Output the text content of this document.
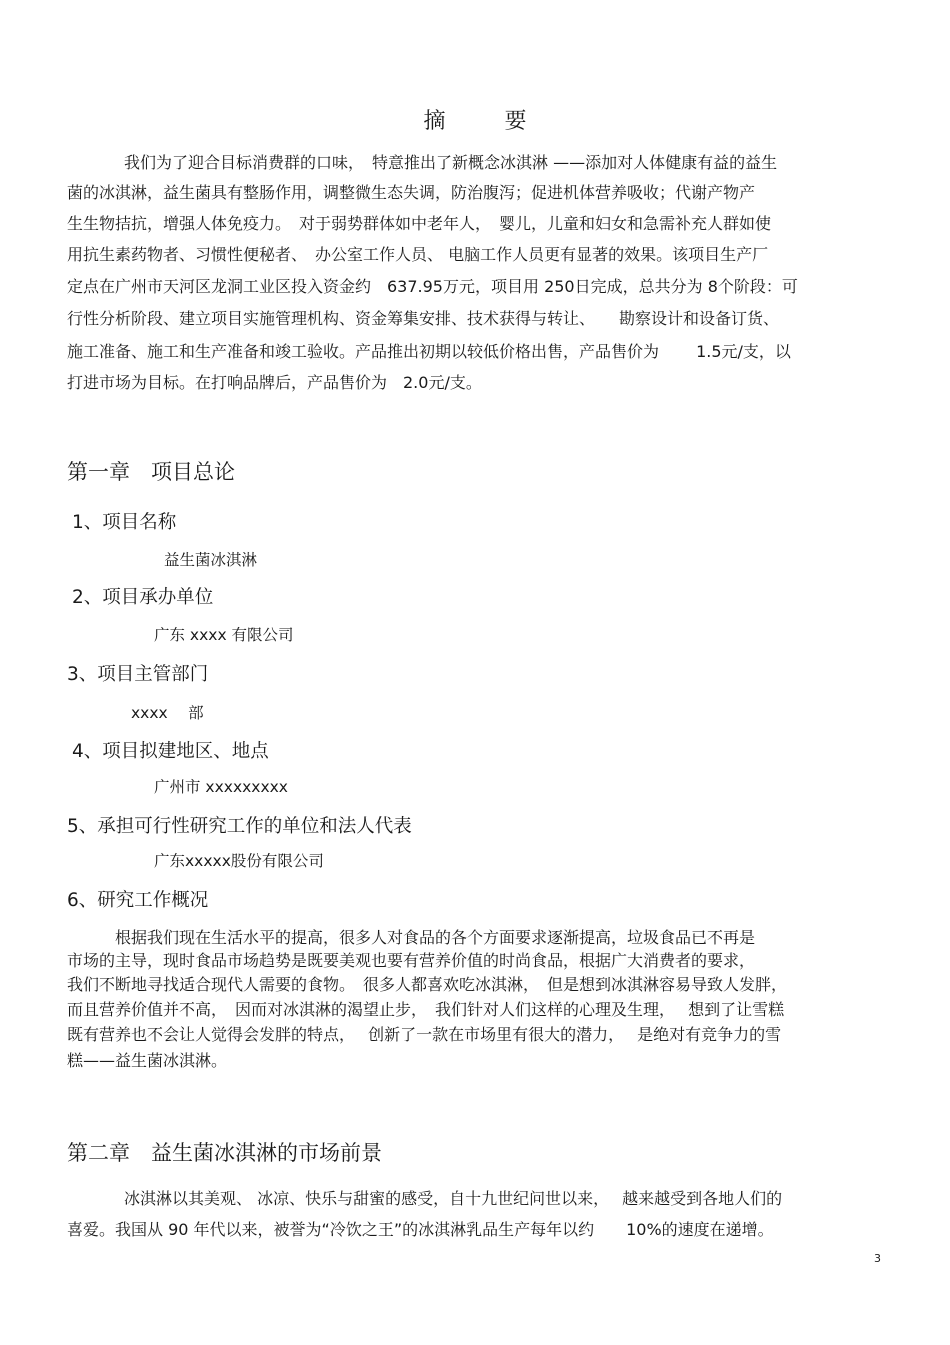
摘 要
我们为了迎合目标消费群的口味，　特意推出了新概念冰淇淋 ——添加对人体健康有益的益生
菌的冰淇淋，益生菌具有整肠作用，调整微生态失调，防治腹泻；促进机体营养吸收；代谢产物产
生生物拮抗，增强人体免疫力。　对于弱势群体如中老年人，　婴儿，儿童和妇女和急需补充人群如使
用抗生素药物者、习惯性便秘者、　办公室工作人员、 电脑工作人员更有显著的效果。该项目生产厂
定点在广州市天河区龙洞工业区投入资金约　637.95万元，项目用 250日完成，总共分为 8个阶段：可
行性分析阶段、建立项目实施管理机构、资金筹集安排、技术获得与转让、　　勘察设计和设备订货、
施工准备、施工和生产准备和竣工验收。产品推出初期以较低价格出售，产品售价为　　 1.5元/支，以
打进市场为目标。在打响品牌后，产品售价为　2.0元/支。
第一章　项目总论
1、项目名称
益生菌冰淇淋
2、项目承办单位
广东 xxxx 有限公司
3、项目主管部门
xxxx　 部
4、项目拟建地区、地点
广州市 xxxxxxxxx
5、承担可行性研究工作的单位和法人代表
广东xxxxx股份有限公司
6、研究工作概况
根据我们现在生活水平的提高，很多人对食品的各个方面要求逐渐提高，垃圾食品已不再是
市场的主导，现时食品市场趋势是既要美观也要有营养价值的时尚食品，根据广大消费者的要求，
我们不断地寻找适合现代人需要的食物。　很多人都喜欢吃冰淇淋，　但是想到冰淇淋容易导致人发胖，
而且营养价值并不高，　因而对冰淇淋的渴望止步，　我们针对人们这样的心理及生理，　 想到了让雪糕
既有营养也不会让人觉得会发胖的特点，　 创新了一款在市场里有很大的潜力，　 是绝对有竞争力的雪
糕——益生菌冰淇淋。
第二章　益生菌冰淇淋的市场前景
冰淇淋以其美观、 冰凉、快乐与甜蜜的感受，自十九世纪问世以来，　 越来越受到各地人们的
喜爱。我国从 90 年代以来，被誉为“冷饮之王”的冰淇淋乳品生产每年以约　　10%的速度在递增。
3
